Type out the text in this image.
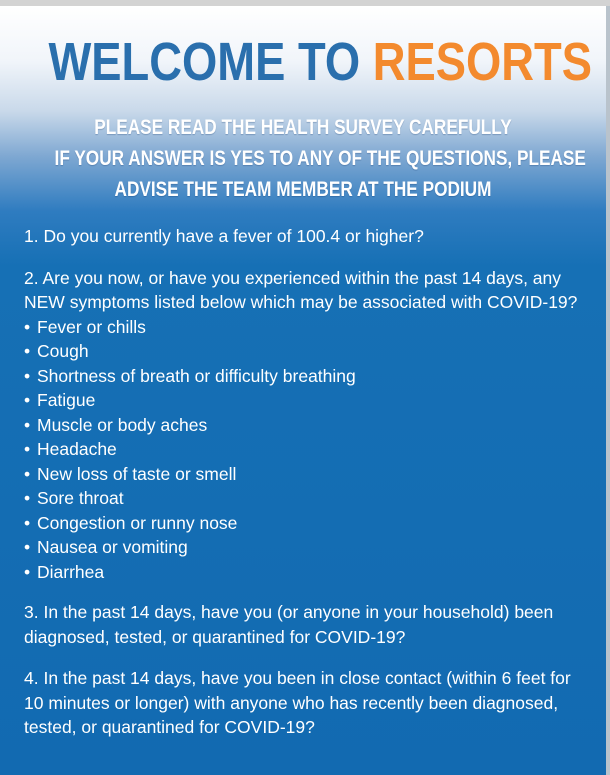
WELCOME TO RESORTS
PLEASE READ THE HEALTH SURVEY CAREFULLY
IF YOUR ANSWER IS YES TO ANY OF THE QUESTIONS, PLEASE
ADVISE THE TEAM MEMBER AT THE PODIUM

1. Do you currently have a fever of 100.4 or higher?

2. Are you now, or have you experienced within the past 14 days, any NEW symptoms listed below which may be associated with COVID-19?

• Fever or chills
• Cough
• Shortness of breath or difficulty breathing
• Fatigue
• Muscle or body aches
• Headache
• New loss of taste or smell
• Sore throat
• Congestion or runny nose
• Nausea or vomiting
• Diarrhea

3. In the past 14 days, have you (or anyone in your household) been diagnosed, tested, or quarantined for COVID-19?

4. In the past 14 days, have you been in close contact (within 6 feet for 10 minutes or longer) with anyone who has recently been diagnosed, tested, or quarantined for COVID-19?
